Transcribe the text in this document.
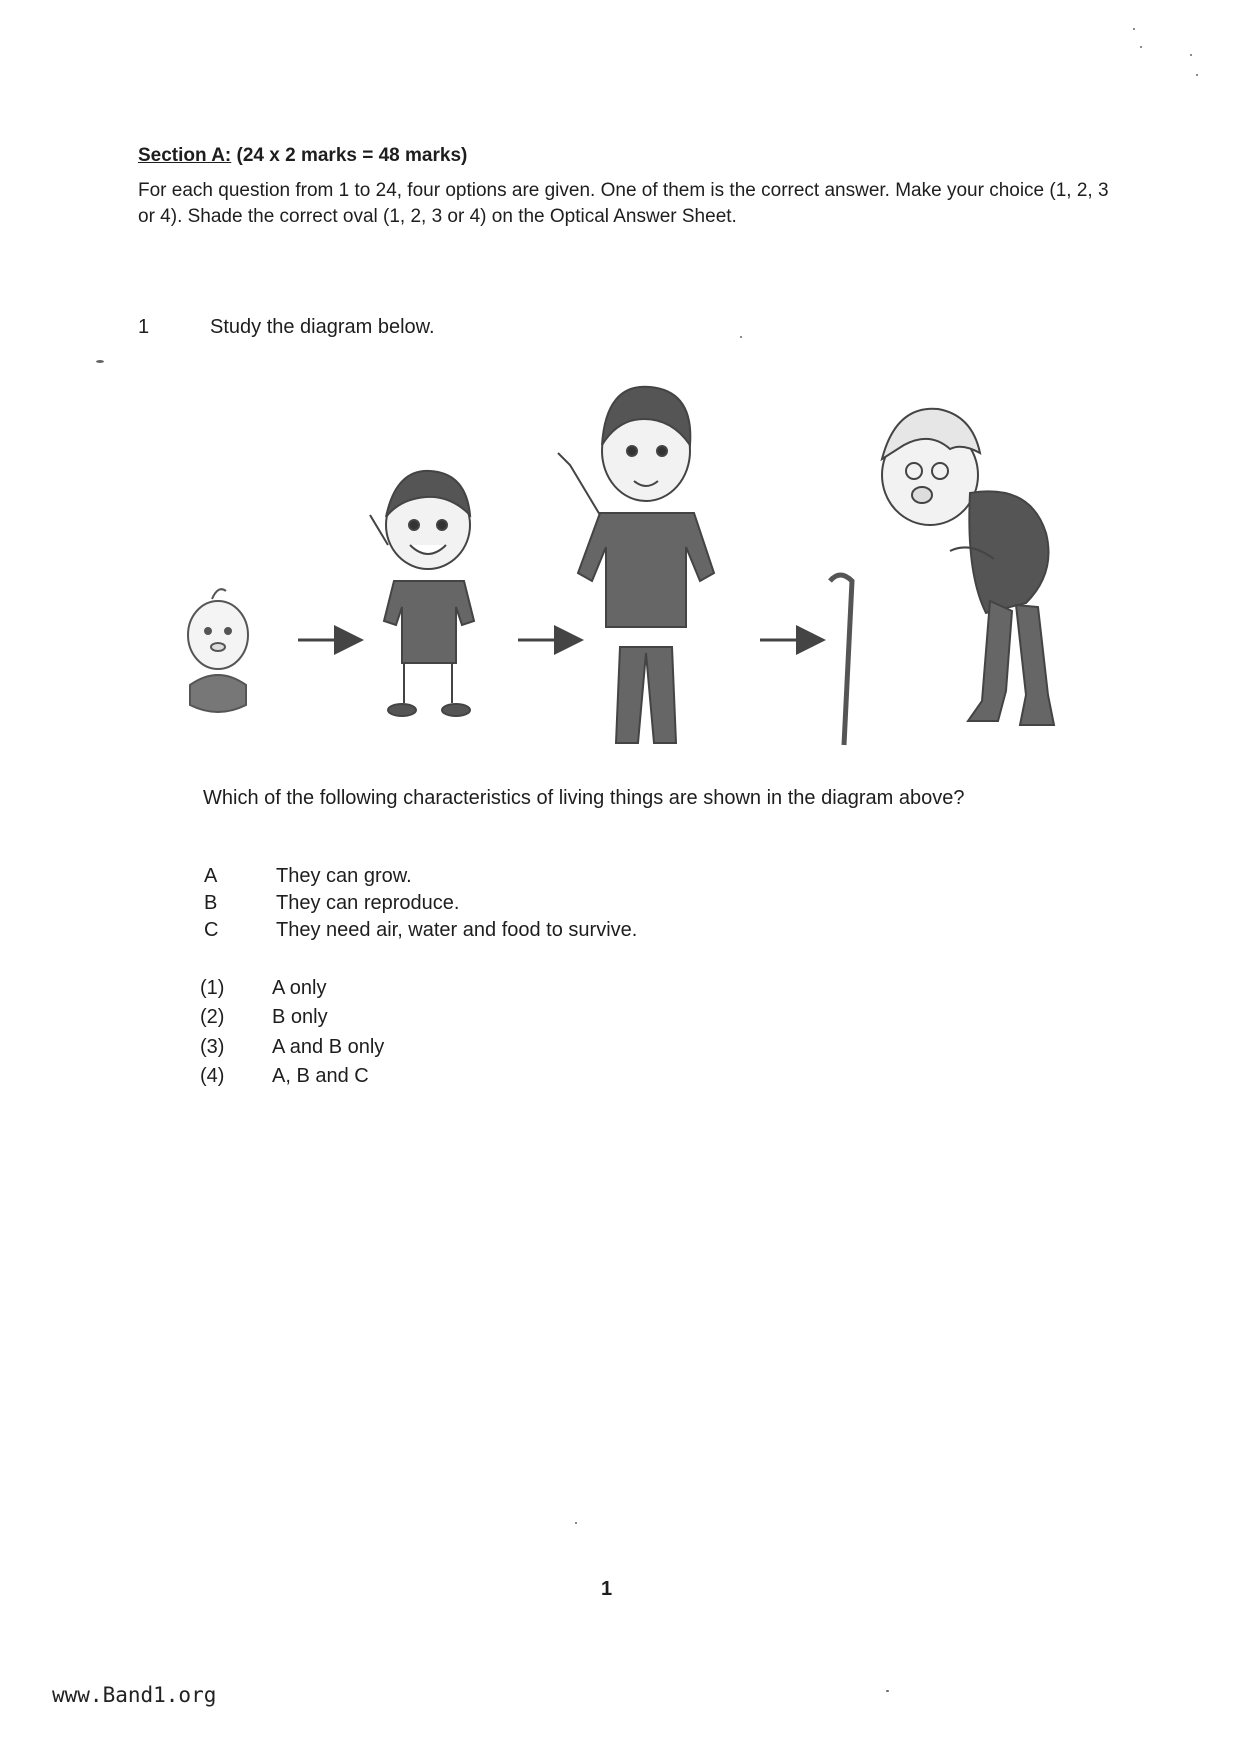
Section A: (24 x 2 marks = 48 marks)
For each question from 1 to 24, four options are given. One of them is the correct answer. Make your choice (1, 2, 3 or 4). Shade the correct oval (1, 2, 3 or 4) on the Optical Answer Sheet.
1	Study the diagram below.
Which of the following characteristics of living things are shown in the diagram above?
A	They can grow.
B	They can reproduce.
C	They need air, water and food to survive.
(1) A only
(2) B only
(3) A and B only
(4) A, B and C
1
www.Band1.org
